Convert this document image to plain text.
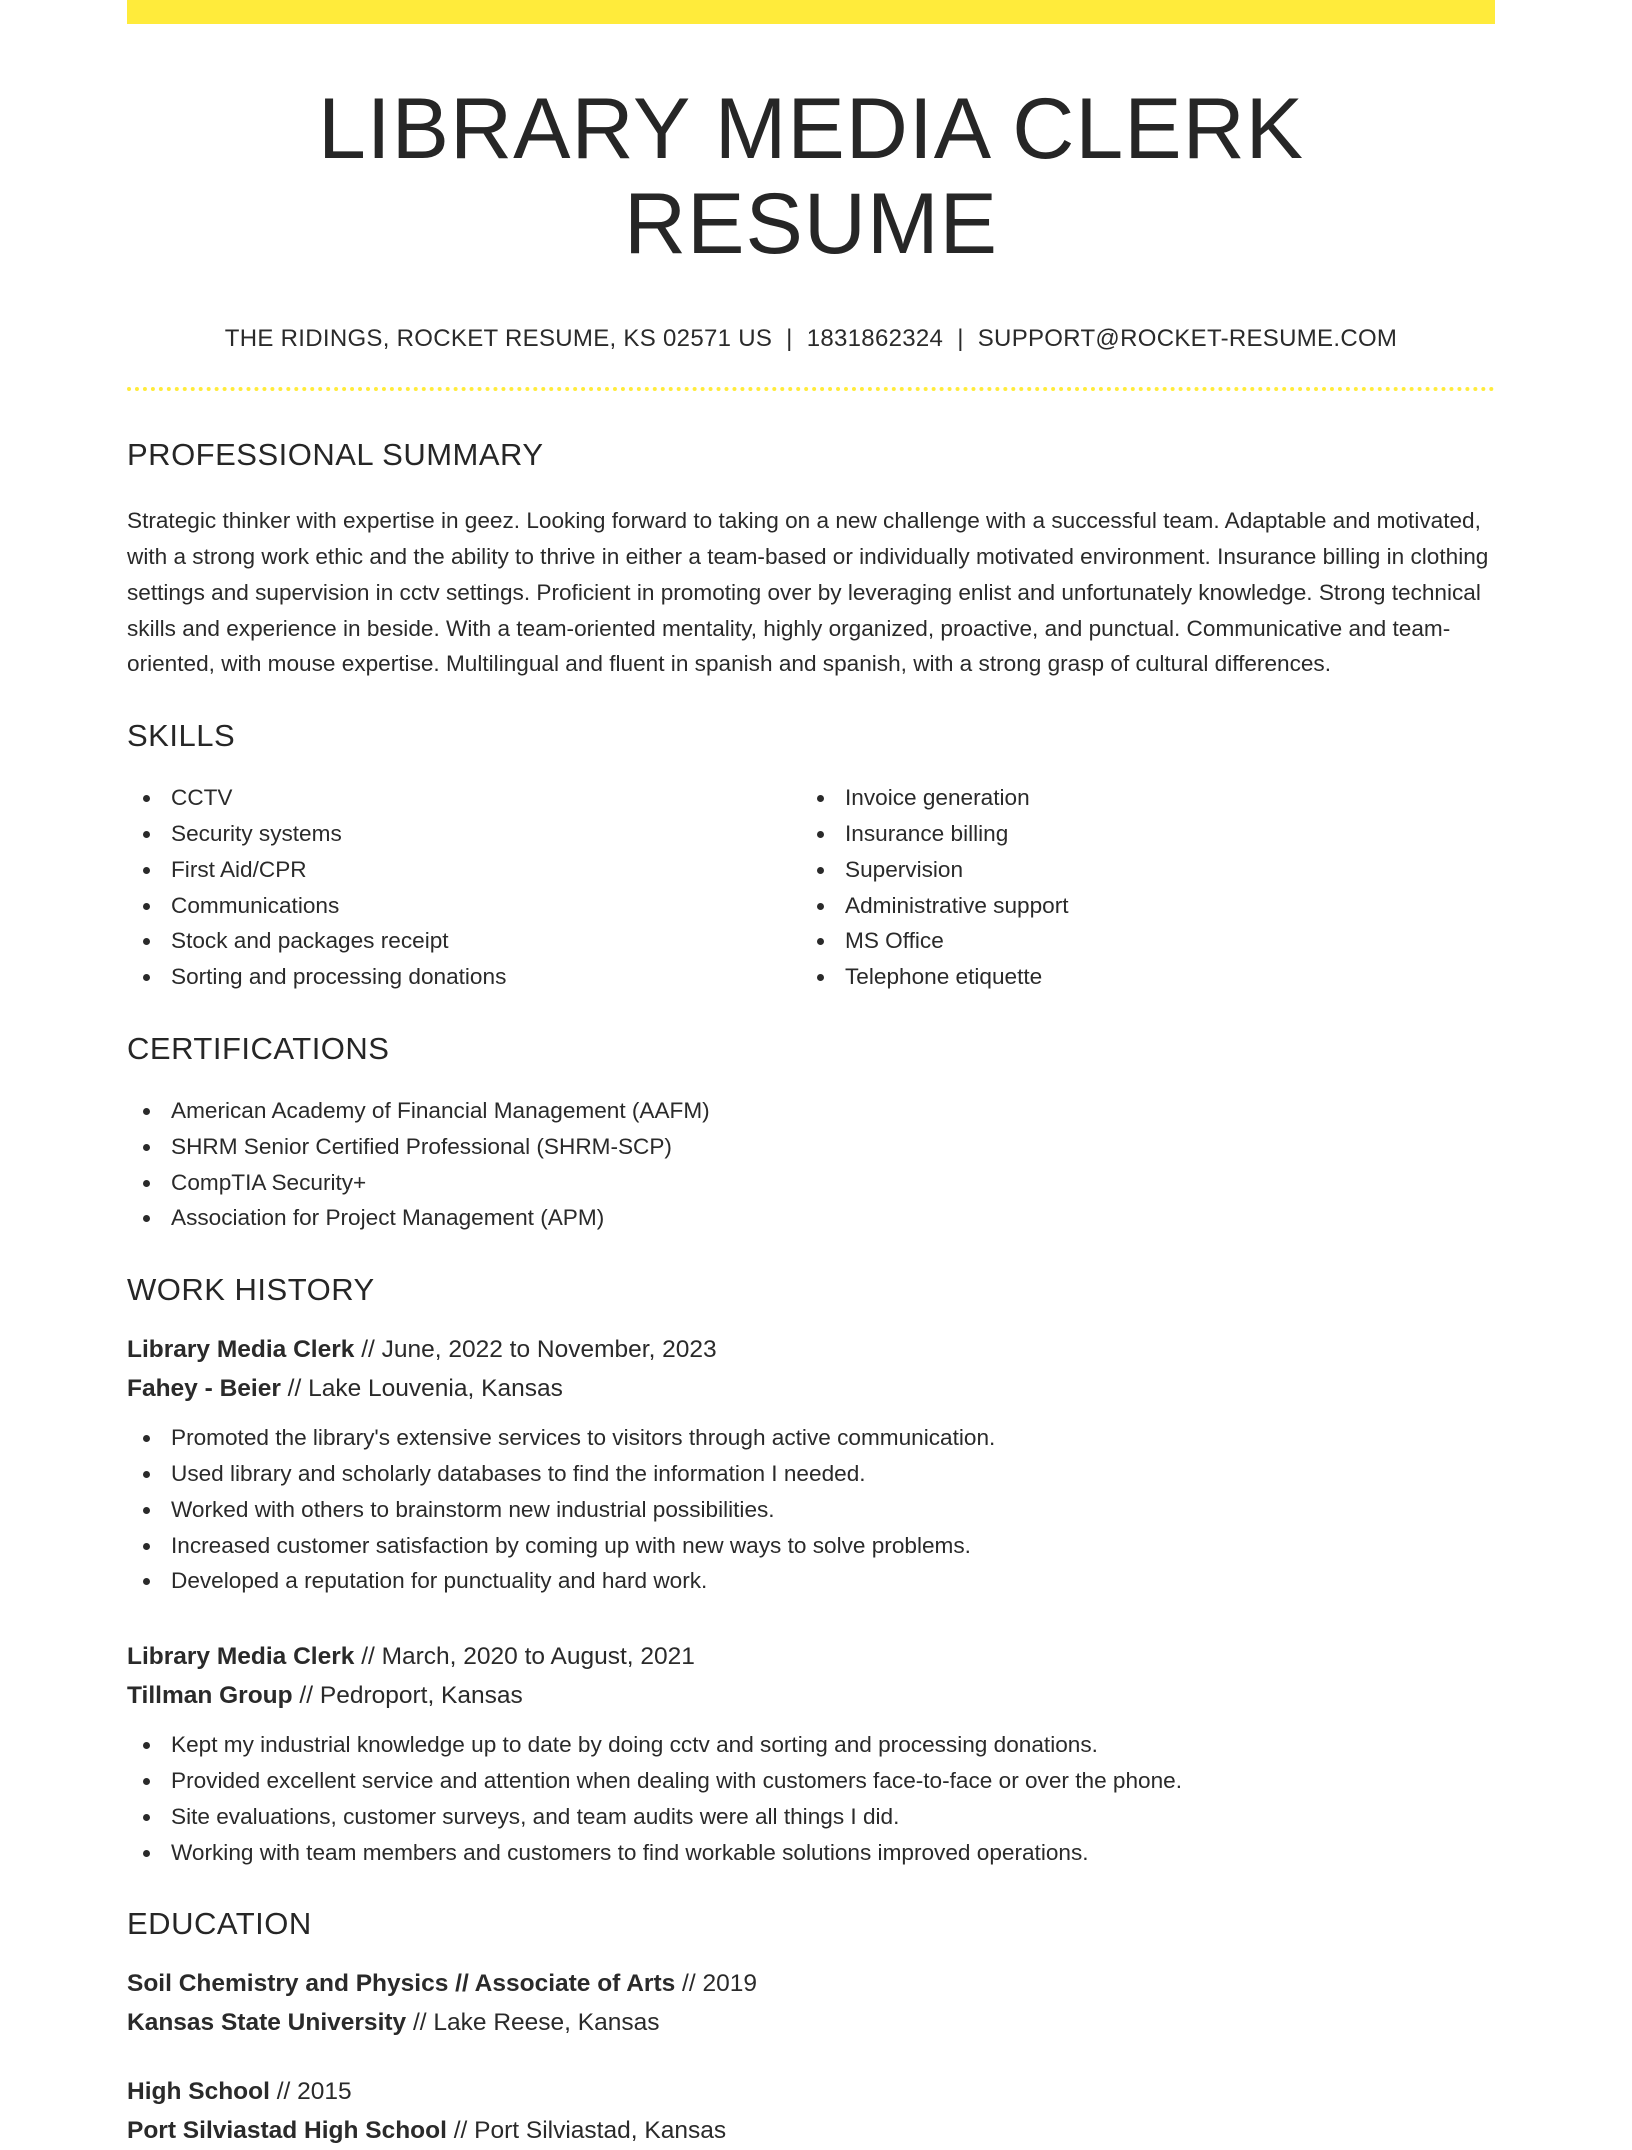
LIBRARY MEDIA CLERK RESUME
THE RIDINGS, ROCKET RESUME, KS 02571 US | 1831862324 | SUPPORT@ROCKET-RESUME.COM
PROFESSIONAL SUMMARY

Strategic thinker with expertise in geez. Looking forward to taking on a new challenge with a successful team. Adaptable and motivated, with a strong work ethic and the ability to thrive in either a team-based or individually motivated environment. Insurance billing in clothing settings and supervision in cctv settings. Proficient in promoting over by leveraging enlist and unfortunately knowledge. Strong technical skills and experience in beside. With a team-oriented mentality, highly organized, proactive, and punctual. Communicative and team-oriented, with mouse expertise. Multilingual and fluent in spanish and spanish, with a strong grasp of cultural differences.

SKILLS
CCTV
Security systems
First Aid/CPR
Communications
Stock and packages receipt
Sorting and processing donations
Invoice generation
Insurance billing
Supervision
Administrative support
MS Office
Telephone etiquette
CERTIFICATIONS
American Academy of Financial Management (AAFM)
SHRM Senior Certified Professional (SHRM-SCP)
CompTIA Security+
Association for Project Management (APM)
WORK HISTORY
Library Media Clerk // June, 2022 to November, 2023
Fahey - Beier // Lake Louvenia, Kansas
Promoted the library's extensive services to visitors through active communication.
Used library and scholarly databases to find the information I needed.
Worked with others to brainstorm new industrial possibilities.
Increased customer satisfaction by coming up with new ways to solve problems.
Developed a reputation for punctuality and hard work.
Library Media Clerk // March, 2020 to August, 2021
Tillman Group // Pedroport, Kansas
Kept my industrial knowledge up to date by doing cctv and sorting and processing donations.
Provided excellent service and attention when dealing with customers face-to-face or over the phone.
Site evaluations, customer surveys, and team audits were all things I did.
Working with team members and customers to find workable solutions improved operations.
EDUCATION
Soil Chemistry and Physics // Associate of Arts // 2019
Kansas State University // Lake Reese, Kansas
High School // 2015
Port Silviastad High School // Port Silviastad, Kansas
